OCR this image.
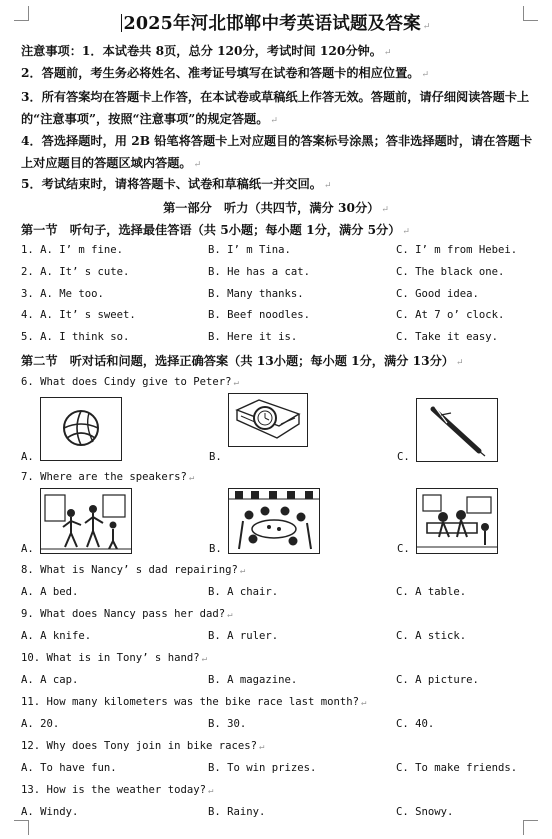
2025年河北邯郸中考英语试题及答案 ↵
注意事项：1．本试卷共 8页，总分 120分，考试时间 120分钟。 ↵
2．答题前，考生务必将姓名、准考证号填写在试卷和答题卡的相应位置。 ↵
3．所有答案均在答题卡上作答，在本试卷或草稿纸上作答无效。答题前，请仔细阅读答题卡上的“注意事项”，按照“注意事项”的规定答题。 ↵
4．答选择题时，用 2B 铅笔将答题卡上对应题目的答案标号涂黑；答非选择题时，请在答题卡上对应题目的答题区域内答题。 ↵
5．考试结束时，请将答题卡、试卷和草稿纸一并交回。 ↵
第一部分　听力（共四节，满分 30分） ↵
第一节　听句子，选择最佳答语（共 5小题；每小题 1分，满分 5分） ↵
1. A. I’ m fine.	B. I’ m Tina.	C. I’ m from Hebei.
2. A. It’ s cute.	B. He has a cat.	C. The black one.
3. A. Me too.	B. Many thanks.	C. Good idea.
4. A. It’ s sweet.	B. Beef noodles.	C. At 7 o’ clock.
5. A. I think so.	B. Here it is.	C. Take it easy.
第二节　听对话和问题，选择正确答案（共 13小题；每小题 1分，满分 13分） ↵
6. What does Cindy give to Peter? ↵
A.	B.	C.
7. Where are the speakers? ↵
A.	B.	C.
8. What is Nancy’ s dad repairing? ↵
A. A bed.	B. A chair.	C. A table.
9. What does Nancy pass her dad? ↵
A. A knife.	B. A ruler.	C. A stick.
10. What is in Tony’ s hand? ↵
A. A cap.	B. A magazine.	C. A picture.
11. How many kilometers was the bike race last month? ↵
A. 20.	B. 30.	C. 40.
12. Why does Tony join in bike races? ↵
A. To have fun.	B. To win prizes.	C. To make friends.
13. How is the weather today? ↵
A. Windy.	B. Rainy.	C. Snowy.
